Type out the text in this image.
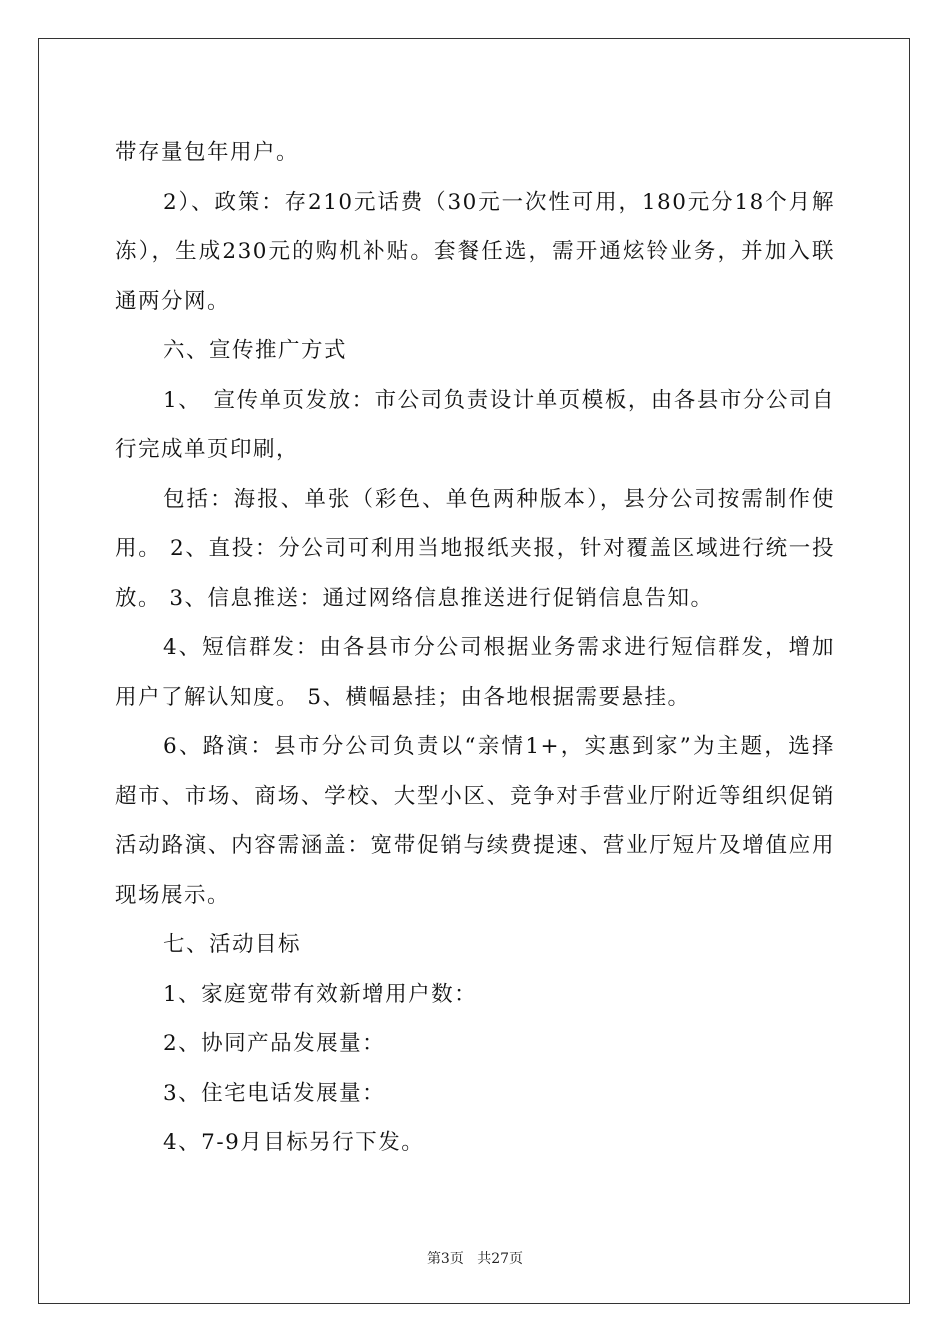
带存量包年用户。

2）、政策：存210元话费（30元一次性可用，180元分18个月解冻），生成230元的购机补贴。套餐任选，需开通炫铃业务，并加入联通两分网。

六、宣传推广方式

1、　宣传单页发放：市公司负责设计单页模板，由各县市分公司自行完成单页印刷，

包括：海报、单张（彩色、单色两种版本），县分公司按需制作使用。 2、直投：分公司可利用当地报纸夹报，针对覆盖区域进行统一投放。 3、信息推送：通过网络信息推送进行促销信息告知。

4、短信群发：由各县市分公司根据业务需求进行短信群发，增加用户了解认知度。 5、横幅悬挂；由各地根据需要悬挂。

6、路演：县市分公司负责以“亲情1+，实惠到家”为主题，选择超市、市场、商场、学校、大型小区、竞争对手营业厅附近等组织促销活动路演、内容需涵盖：宽带促销与续费提速、营业厅短片及增值应用现场展示。

七、活动目标

1、家庭宽带有效新增用户数：

2、协同产品发展量：

3、住宅电话发展量：

4、7-9月目标另行下发。

第3页 共27页
